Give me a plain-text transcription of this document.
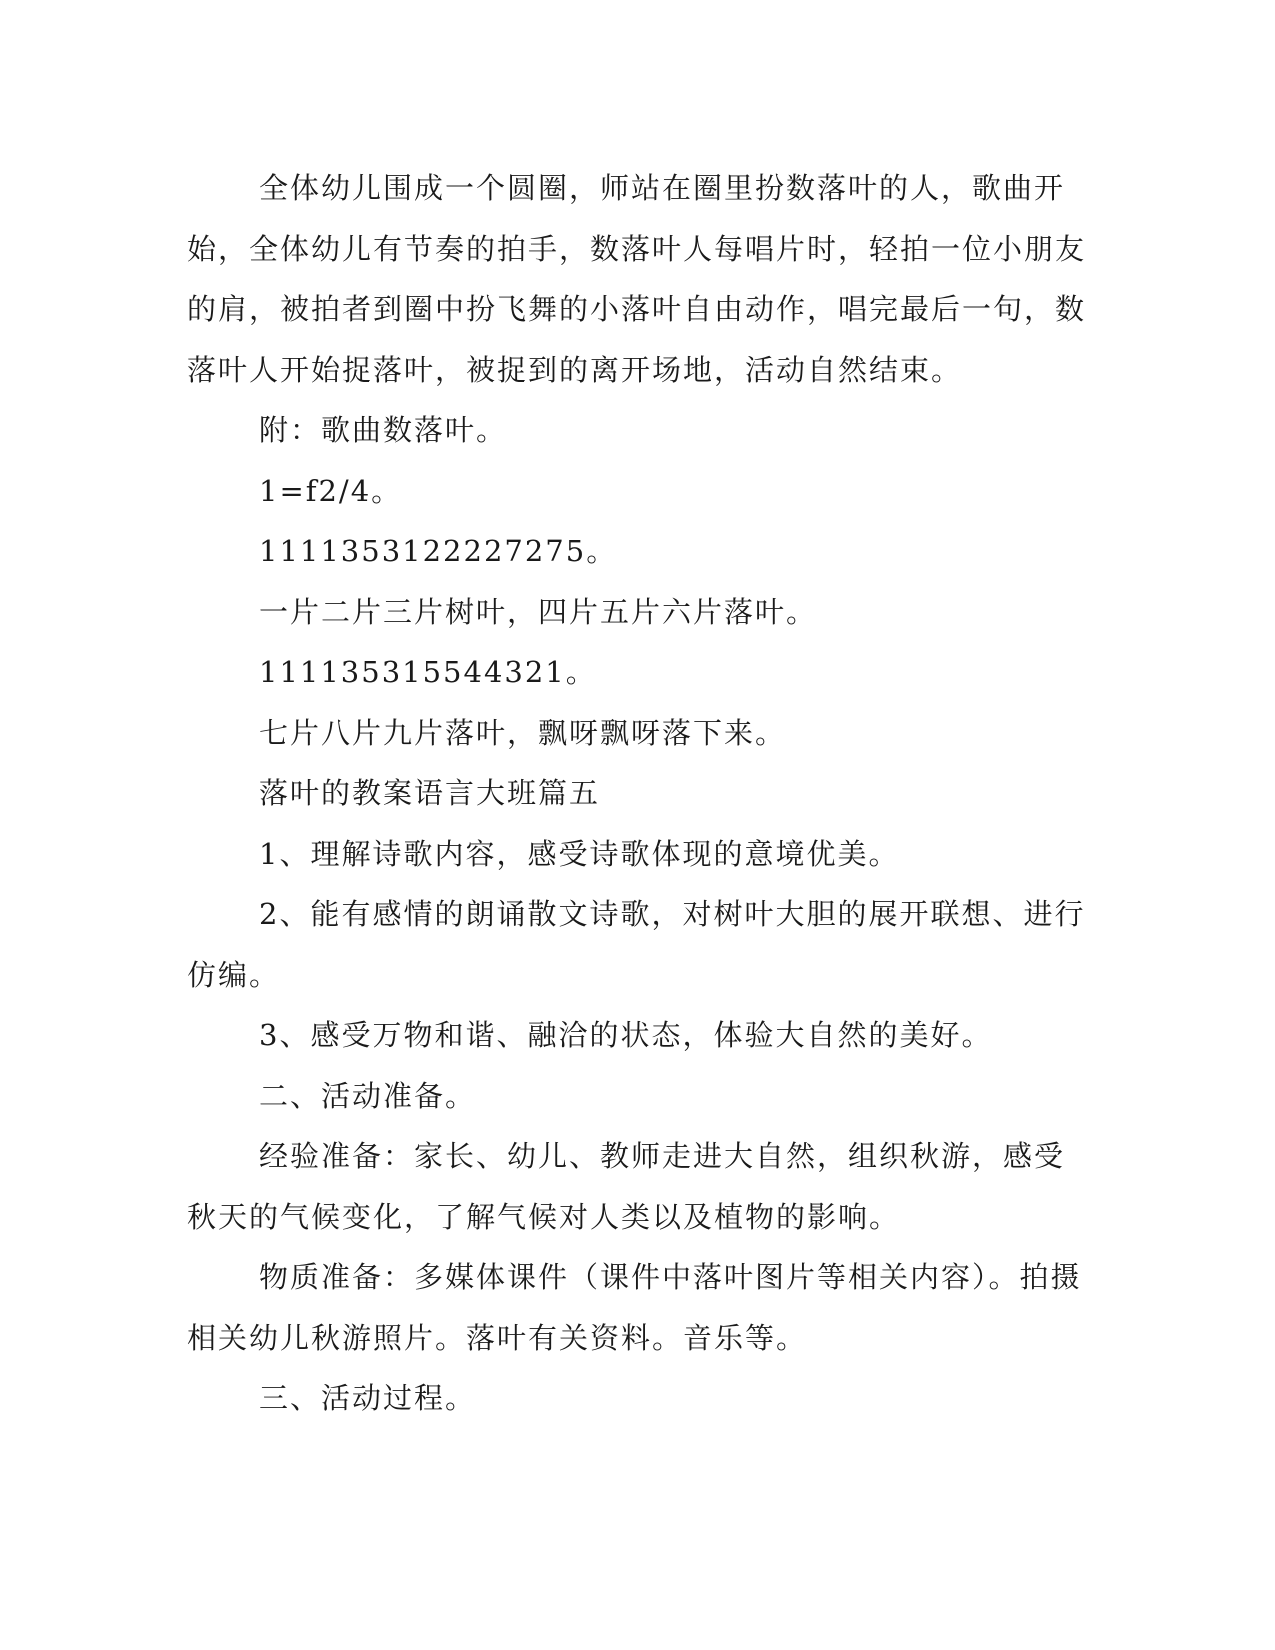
全体幼儿围成一个圆圈，师站在圈里扮数落叶的人，歌曲开始，全体幼儿有节奏的拍手，数落叶人每唱片时，轻拍一位小朋友的肩，被拍者到圈中扮飞舞的小落叶自由动作，唱完最后一句，数落叶人开始捉落叶，被捉到的离开场地，活动自然结束。

附：歌曲数落叶。

1=f2/4。

1111353122227275。

一片二片三片树叶，四片五片六片落叶。

111135315544321。

七片八片九片落叶，飘呀飘呀落下来。

落叶的教案语言大班篇五

1、理解诗歌内容，感受诗歌体现的意境优美。

2、能有感情的朗诵散文诗歌，对树叶大胆的展开联想、进行仿编。

3、感受万物和谐、融洽的状态，体验大自然的美好。

二、活动准备。

经验准备：家长、幼儿、教师走进大自然，组织秋游，感受秋天的气候变化，了解气候对人类以及植物的影响。

物质准备：多媒体课件（课件中落叶图片等相关内容）。拍摄相关幼儿秋游照片。落叶有关资料。音乐等。

三、活动过程。
